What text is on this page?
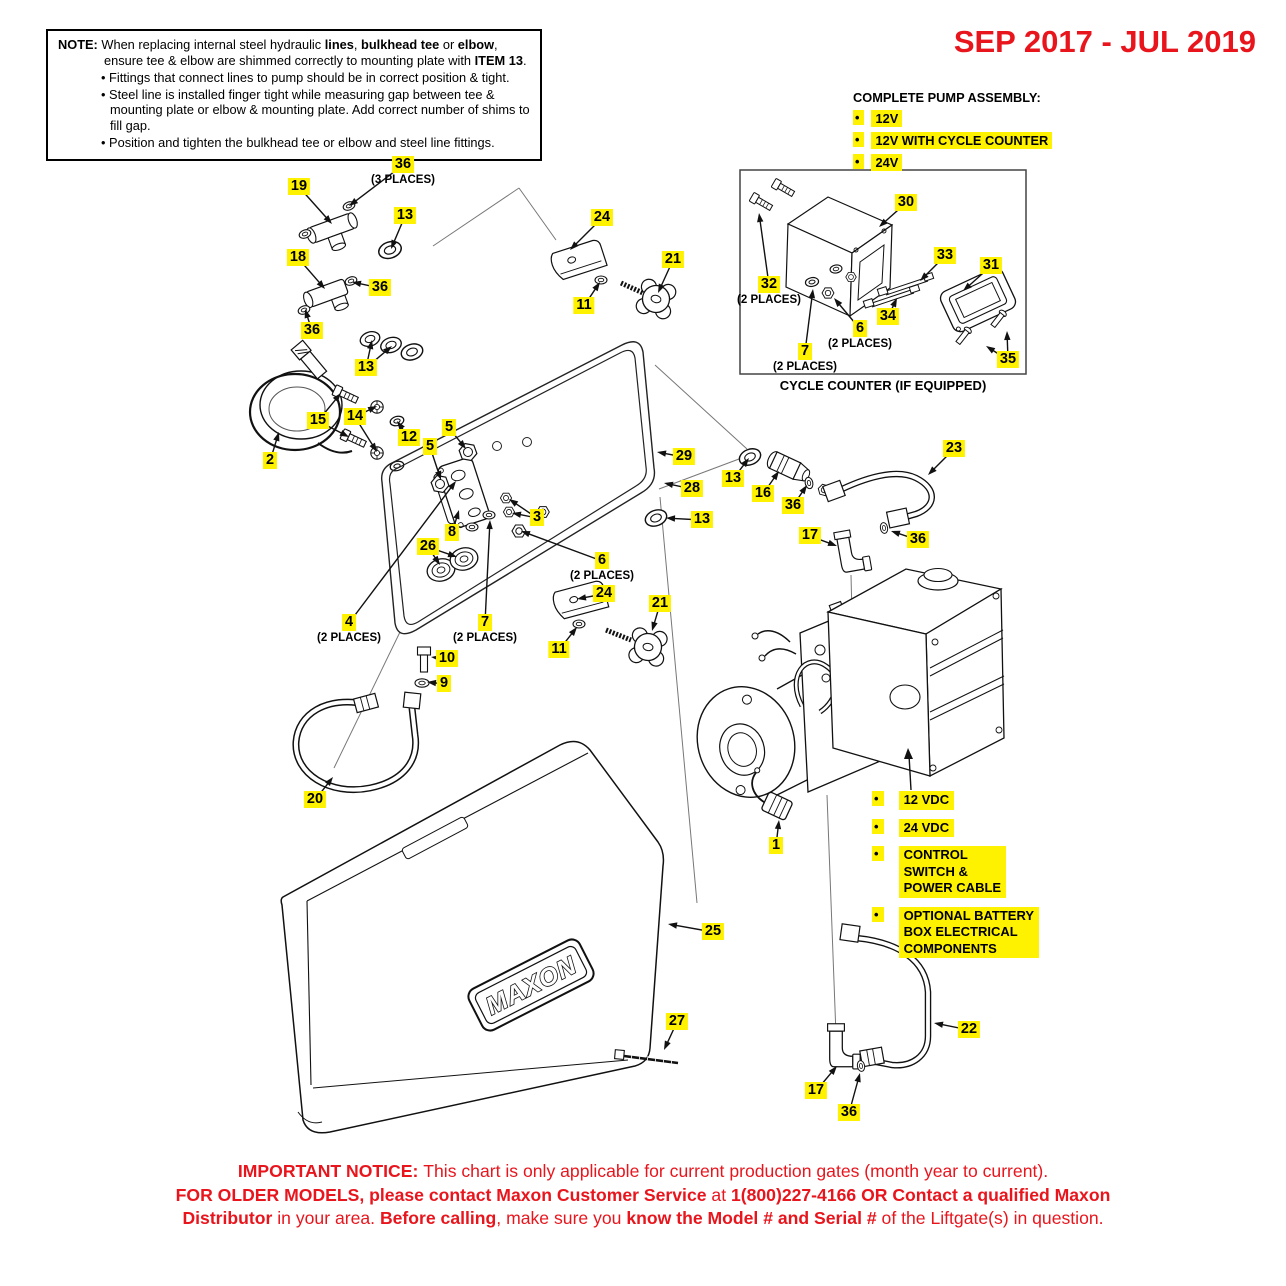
MAXON
NOTE: When replacing internal steel hydraulic lines, bulkhead tee or elbow, ensure tee & elbow are shimmed correctly to mounting plate with ITEM 13.
• Fittings that connect lines to pump should be in correct position & tight.
• Steel line is installed finger tight while measuring gap between tee & mounting plate or elbow & mounting plate. Add correct number of shims to fill gap.
• Position and tighten the bulkhead tee or elbow and steel line fittings.
SEP 2017 - JUL 2019
COMPLETE PUMP ASSEMBLY:
•	12V
•	12V WITH CYCLE COUNTER
•	24V
CYCLE COUNTER (IF EQUIPPED)
•	12 VDC
•	24 VDC
•	CONTROL
SWITCH &
POWER CABLE
•	OPTIONAL BATTERY
BOX ELECTRICAL
COMPONENTS
IMPORTANT NOTICE: This chart is only applicable for current production gates (month year to current).
FOR OLDER MODELS, please contact Maxon Customer Service at 1(800)227-4166 OR Contact a qualified Maxon
Distributor in your area. Before calling, make sure you know the Model # and Serial # of the Liftgate(s) in question.
19
36
(3 PLACES)
13
18
36
36
13
24
11
21
15 14
12
2
5
5
29
28
13
3
8
26
6
(2 PLACES)
4
(2 PLACES)
7
(2 PLACES)
24
21
11
10
9
20
1
25
27	22
17
36
23
16
36
13
17	36
30
32
(2 PLACES)
33
31
34
6
(2 PLACES)
7
(2 PLACES)	35
